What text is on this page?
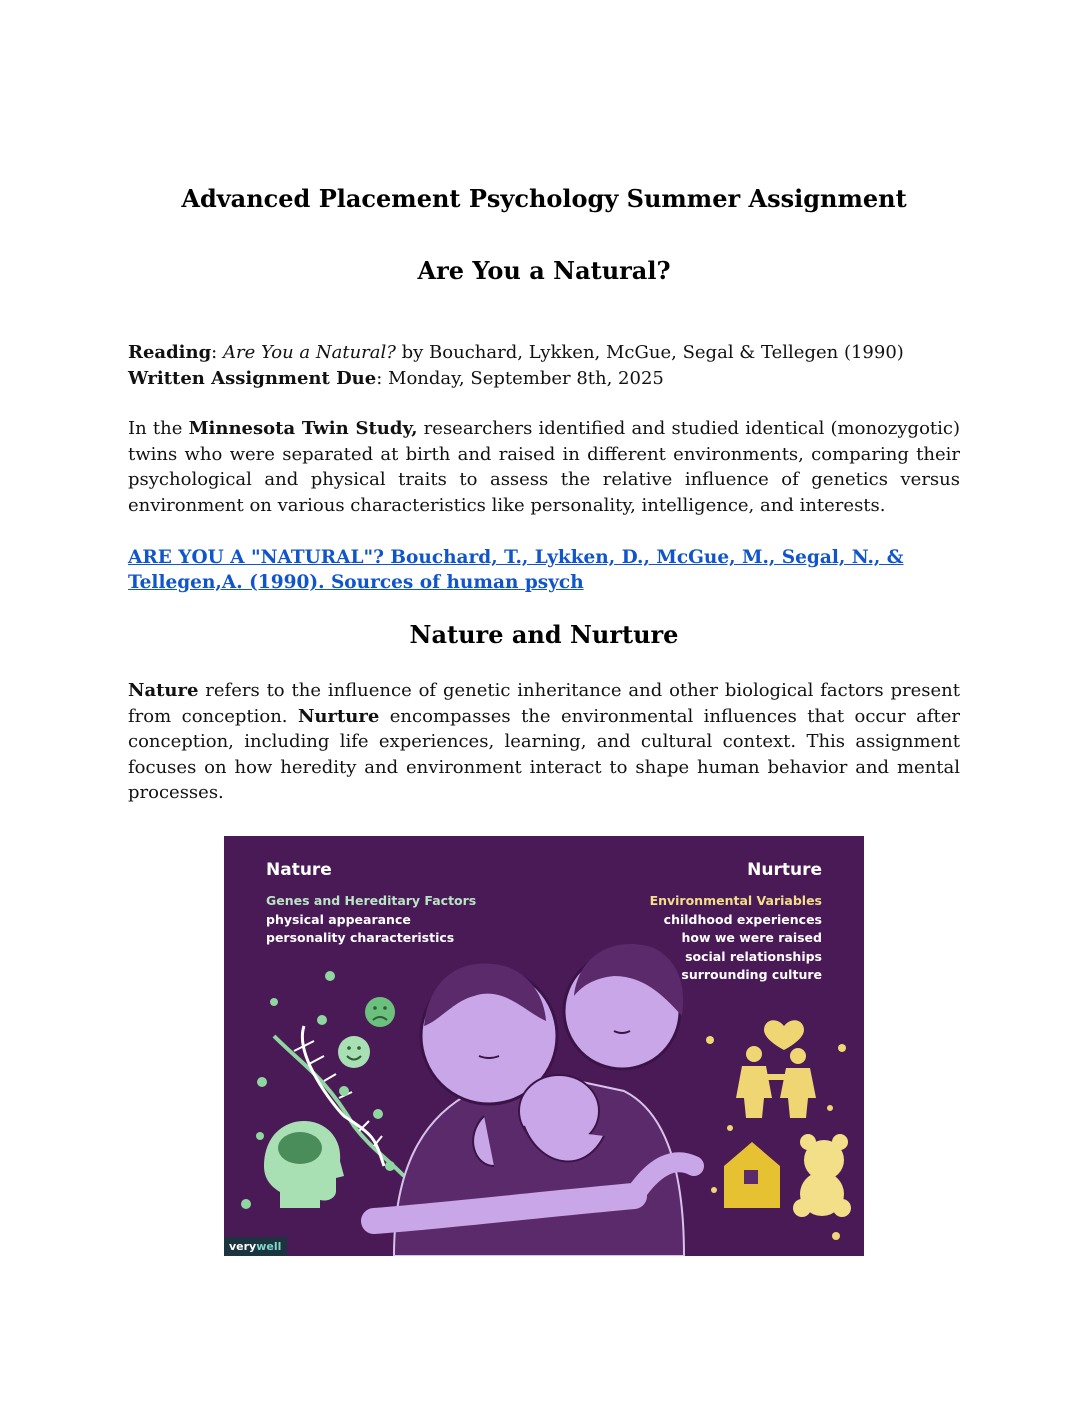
Advanced Placement Psychology Summer Assignment
Are You a Natural?
Reading: Are You a Natural? by Bouchard, Lykken, McGue, Segal & Tellegen (1990)
Written Assignment Due: Monday, September 8th, 2025
In the Minnesota Twin Study, researchers identified and studied identical (monozygotic) twins who were separated at birth and raised in different environments, comparing their psychological and physical traits to assess the relative influence of genetics versus environment on various characteristics like personality, intelligence, and interests.
ARE YOU A "NATURAL"? Bouchard, T., Lykken, D., McGue, M., Segal, N., &
Tellegen,A. (1990). Sources of human psych
Nature and Nurture
Nature refers to the influence of genetic inheritance and other biological factors present from conception. Nurture encompasses the environmental influences that occur after conception, including life experiences, learning, and cultural context. This assignment focuses on how heredity and environment interact to shape human behavior and mental processes.
Nature	Nurture
Genes and Hereditary Factors
physical appearance
personality characteristics
Environmental Variables
childhood experiences
how we were raised
social relationships
surrounding culture
verywell
